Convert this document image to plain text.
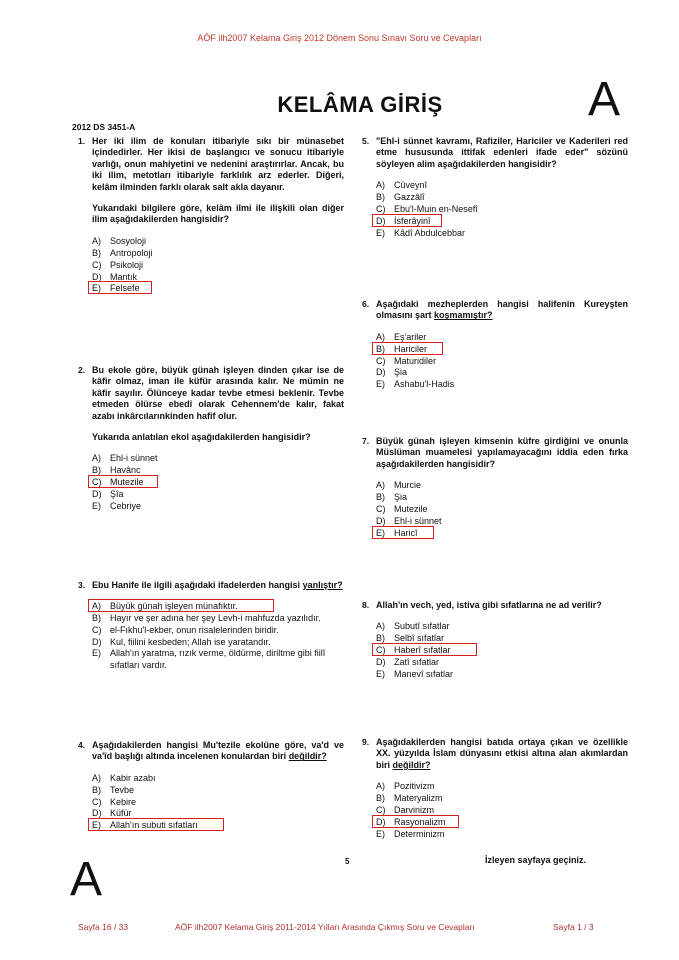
AÖF ilh2007 Kelama Giriş 2012 Dönem Sonu Sınavı Soru ve Cevapları
KELÂMA GİRİŞ	A
2012 DS 3451-A
1. Her iki ilim de konuları itibariyle sıkı bir münasebet içindedirler. Her ikisi de başlangıcı ve sonucu itibariyle varlığı, onun mahiyetini ve nedenini araştırırlar. Ancak, bu iki ilim, metotları itibariyle farklılık arz ederler. Diğeri, kelâm ilminden farklı olarak salt akla dayanır.
Yukarıdaki bilgilere göre, kelâm ilmi ile ilişkili olan diğer ilim aşağıdakilerden hangisidir?
A) Sosyoloji
B) Antropoloji
C) Psikoloji
D) Mantık
E) Felsefe
2. Bu ekole göre, büyük günah işleyen dinden çıkar ise de kâfir olmaz, iman ile küfür arasında kalır. Ne mümin ne kâfir sayılır. Ölünceye kadar tevbe etmesi beklenir. Tevbe etmeden ölürse ebedî olarak Cehennem'de kalır, fakat azabı inkârcılarınkinden hafif olur.
Yukarıda anlatılan ekol aşağıdakilerden hangisidir?
A) Ehl-i sünnet
B) Havânc
C) Mutezile
D) Şîa
E) Cebriye
3. Ebu Hanife ile ilgili aşağıdaki ifadelerden hangisi yanlıştır?
A) Büyük günah işleyen münafıktır.
B)	Hayır ve şer adına her şey Levh-i mahfuzda yazılıdır.
C) el-Fıkhu'l-ekber, onun risalelerinden biridir.
D) Kul, fiilini kesbeden; Allah ise yaratandır.
E)	Allah'ın yaratma, rızık verme, öldürme, diriltme gibi fiilî sıfatları vardır.
4. Aşağıdakilerden hangisi Mu'tezile ekolüne göre, va'd ve va'îd başlığı altında incelenen konulardan biri değildir?
A) Kabir azabı
B) Tevbe
C) Kebire
D) Küfür
E) Allah'ın subuti sıfatları
5. "Ehl-i sünnet kavramı, Rafiziler, Hariciler ve Kaderileri red etme hususunda ittifak edenleri ifade eder" sözünü söyleyen alim aşağıdakilerden hangisidir?
A) Cüveynî
B) Gazzâlî
C) Ebu'l-Muin en-Nesefî
D) İsferâyinî
E) Kâdî Abdulcebbar
6. Aşağıdaki mezheplerden hangisi halifenin Kureyşten olmasını şart koşmamıştır?
A) Eş'ariler
B) Hariciler
C) Maturidiler
D) Şia
E) Ashabu'l-Hadis
7. Büyük günah işleyen kimsenin küfre girdiğini ve onunla Müslüman muamelesi yapılamayacağını iddia eden fırka aşağıdakilerden hangisidir?
A) Murcie
B) Şia
C) Mutezile
D) Ehl-i sünnet
E) Haricî
8. Allah'ın vech, yed, istiva gibi sıfatlarına ne ad verilir?
A) Subutî sıfatlar
B) Selbî sıfatlar
C) Haberî sıfatlar
D) Zatî sıfatlar
E) Manevî sıfatlar
9. Aşağıdakilerden hangisi batıda ortaya çıkan ve özellikle XX. yüzyılda İslam dünyasını etkisi altına alan akımlardan biri değildir?
A) Pozitivizm
B) Materyalizm
C) Darvinizm
D) Rasyonalizm
E) Determinizm
A	5	İzleyen sayfaya geçiniz.
Sayfa 16 / 33	AÖF ilh2007 Kelama Giriş 2011-2014 Yılları Arasında Çıkmış Soru ve Cevapları	Sayfa 1 / 3
